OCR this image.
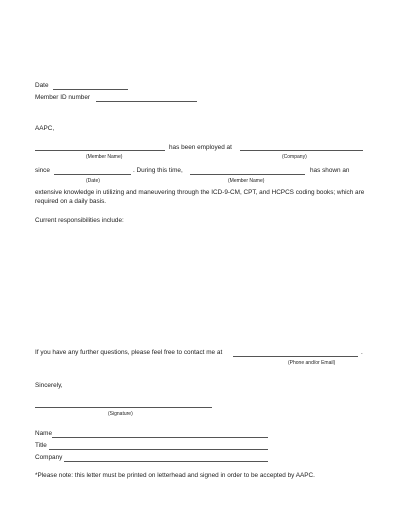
Date
Member ID number
AAPC,
has been employed at
(Member Name)	(Company)
since	. During this time,	has shown an
(Date)	(Member Name)
extensive knowledge in utilizing and maneuvering through the ICD-9-CM, CPT, and HCPCS coding books; which are required on a daily basis.
Current responsibilities include:
If you have any further questions, please feel free to contact me at	.
(Phone and/or Email)
Sincerely,
(Signature)
Name
Title
Company
*Please note: this letter must be printed on letterhead and signed in order to be accepted by AAPC.
